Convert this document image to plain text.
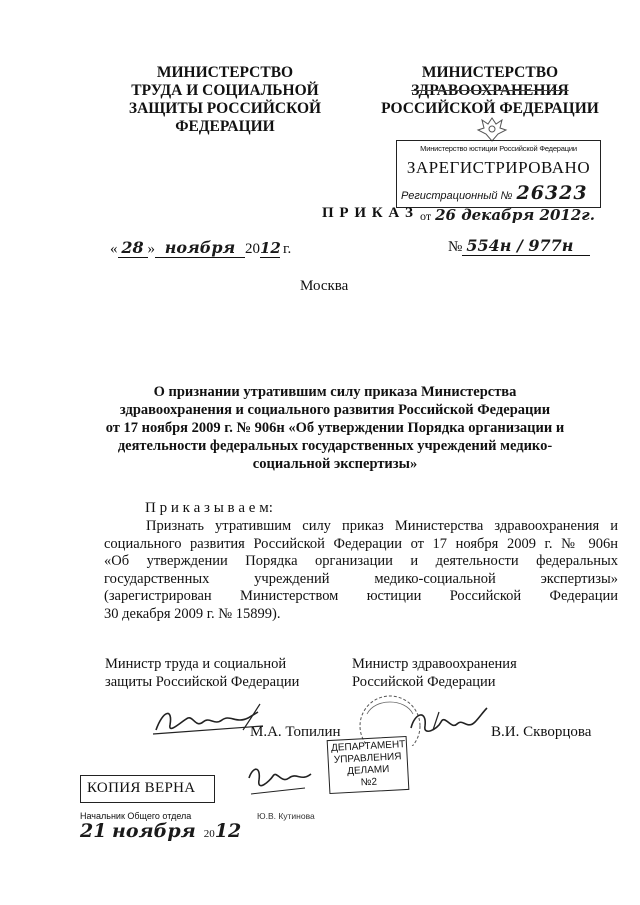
МИНИСТЕРСТВО
ТРУДА И СОЦИАЛЬНОЙ
ЗАЩИТЫ РОССИЙСКОЙ
ФЕДЕРАЦИИ
МИНИСТЕРСТВО
ЗДРАВООХРАНЕНИЯ
РОССИЙСКОЙ ФЕДЕРАЦИИ
Министерство юстиции Российской Федерации
ЗАРЕГИСТРИРОВАНО
Регистрационный № 26323
от 26 декабря 2012г.
П Р И К А З
« 28 » ноября 20 12 г.	№ 554н / 977н
Москва
О признании утратившим силу приказа Министерства
здравоохранения и социального развития Российской Федерации
от 17 ноября 2009 г. № 906н «Об утверждении Порядка организации и
деятельности федеральных государственных учреждений медико-
социальной экспертизы»
П р и к а з ы в а е м:
Признать утратившим силу приказ Министерства здравоохранения и
социального развития Российской Федерации от 17 ноября 2009 г. № 906н
«Об утверждении Порядка организации и деятельности федеральных
государственных учреждений медико-социальной экспертизы»
(зарегистрирован Министерством юстиции Российской Федерации
30 декабря 2009 г. № 15899).
Министр труда и социальной
защиты Российской Федерации
Министр здравоохранения
Российской Федерации
М.А. Топилин	В.И. Скворцова
ДЕПАРТАМЕНТ
УПРАВЛЕНИЯ
ДЕЛАМИ
№2
КОПИЯ ВЕРНА
Начальник Общего отдела	Ю.В. Кутинова
21 ноября 20 12
